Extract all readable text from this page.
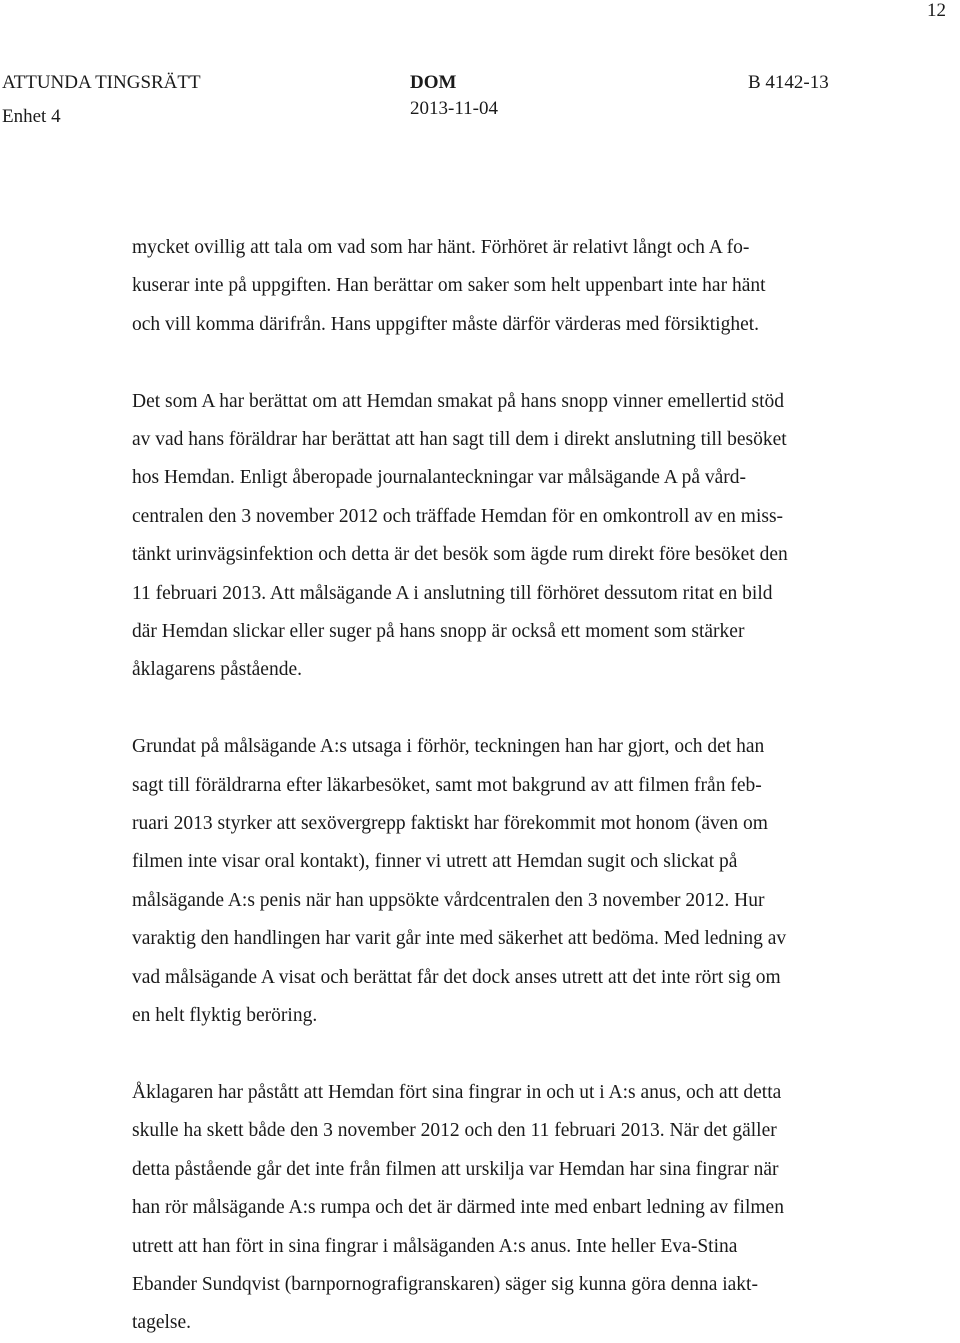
12
ATTUNDA TINGSRÄTT
Enhet 4
DOM
2013-11-04
B 4142-13

mycket ovillig att tala om vad som har hänt. Förhöret är relativt långt och A fo-
kuserar inte på uppgiften. Han berättar om saker som helt uppenbart inte har hänt
och vill komma därifrån. Hans uppgifter måste därför värderas med försiktighet.

Det som A har berättat om att Hemdan smakat på hans snopp vinner emellertid stöd
av vad hans föräldrar har berättat att han sagt till dem i direkt anslutning till besöket
hos Hemdan. Enligt åberopade journalanteckningar var målsägande A på vård-
centralen den 3 november 2012 och träffade Hemdan för en omkontroll av en miss-
tänkt urinvägsinfektion och detta är det besök som ägde rum direkt före besöket den
11 februari 2013. Att målsägande A i anslutning till förhöret dessutom ritat en bild
där Hemdan slickar eller suger på hans snopp är också ett moment som stärker
åklagarens påstående.

Grundat på målsägande A:s utsaga i förhör, teckningen han har gjort, och det han
sagt till föräldrarna efter läkarbesöket, samt mot bakgrund av att filmen från feb-
ruari 2013 styrker att sexövergrepp faktiskt har förekommit mot honom (även om
filmen inte visar oral kontakt), finner vi utrett att Hemdan sugit och slickat på
målsägande A:s penis när han uppsökte vårdcentralen den 3 november 2012. Hur
varaktig den handlingen har varit går inte med säkerhet att bedöma. Med ledning av
vad målsägande A visat och berättat får det dock anses utrett att det inte rört sig om
en helt flyktig beröring.

Åklagaren har påstått att Hemdan fört sina fingrar in och ut i A:s anus, och att detta
skulle ha skett både den 3 november 2012 och den 11 februari 2013. När det gäller
detta påstående går det inte från filmen att urskilja var Hemdan har sina fingrar när
han rör målsägande A:s rumpa och det är därmed inte med enbart ledning av filmen
utrett att han fört in sina fingrar i målsäganden A:s anus. Inte heller Eva-Stina
Ebander Sundqvist (barnpornografigranskaren) säger sig kunna göra denna iakt-
tagelse.
